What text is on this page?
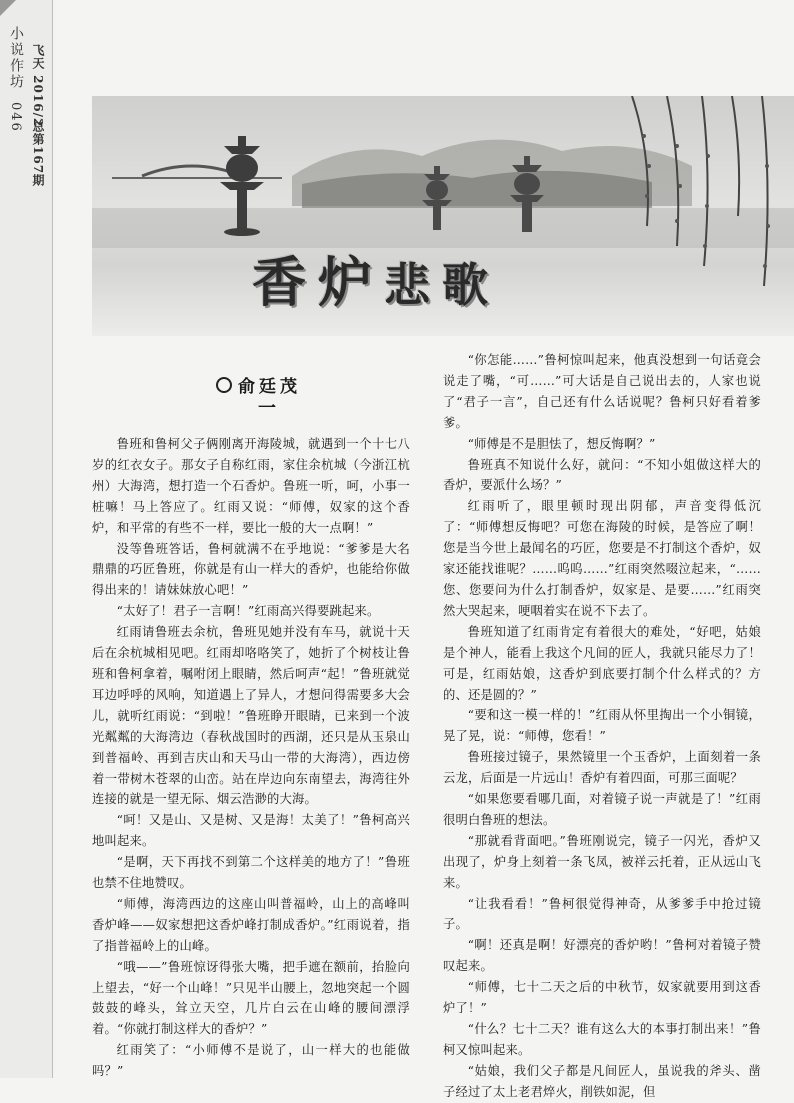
小说作坊
046 飞天 2016/2
总第167期
香炉悲歌
俞廷茂
一

鲁班和鲁柯父子俩刚离开海陵城，就遇到一个十七八岁的红衣女子。那女子自称红雨，家住余杭城（今浙江杭州）大海湾，想打造一个石香炉。鲁班一听，呵，小事一桩嘛！马上答应了。红雨又说：“师傅，奴家的这个香炉，和平常的有些不一样，要比一般的大一点啊！”

没等鲁班答话，鲁柯就满不在乎地说：“爹爹是大名鼎鼎的巧匠鲁班，你就是有山一样大的香炉，也能给你做得出来的！请妹妹放心吧！”

“太好了！君子一言啊！”红雨高兴得要跳起来。

红雨请鲁班去余杭，鲁班见她并没有车马，就说十天后在余杭城相见吧。红雨却咯咯笑了，她折了个树枝让鲁班和鲁柯拿着，嘱咐闭上眼睛，然后呵声“起！”鲁班就觉耳边呼呼的风响，知道遇上了异人，才想问得需要多大会儿，就听红雨说：“到啦！”鲁班睁开眼睛，已来到一个波光粼粼的大海湾边（春秋战国时的西湖，还只是从玉泉山到普福岭、再到吉庆山和天马山一带的大海湾），西边傍着一带树木苍翠的山峦。站在岸边向东南望去，海湾往外连接的就是一望无际、烟云浩渺的大海。

“呵！又是山、又是树、又是海！太美了！”鲁柯高兴地叫起来。

“是啊，天下再找不到第二个这样美的地方了！”鲁班也禁不住地赞叹。

“师傅，海湾西边的这座山叫普福岭，山上的高峰叫香炉峰——奴家想把这香炉峰打制成香炉。”红雨说着，指了指普福岭上的山峰。

“哦——”鲁班惊讶得张大嘴，把手遮在额前，抬脸向上望去，“好一个山峰！”只见半山腰上，忽地突起一个圆鼓鼓的峰头，耸立天空，几片白云在山峰的腰间漂浮着。“你就打制这样大的香炉？”

红雨笑了：“小师傅不是说了，山一样大的也能做吗？”

“你怎能……”鲁柯惊叫起来，他真没想到一句话竟会说走了嘴，“可……”可大话是自己说出去的，人家也说了“君子一言”，自己还有什么话说呢？鲁柯只好看着爹爹。

“师傅是不是胆怯了，想反悔啊？”

鲁班真不知说什么好，就问：“不知小姐做这样大的香炉，要派什么场？”

红雨听了，眼里顿时现出阴郁，声音变得低沉了：“师傅想反悔吧？可您在海陵的时候，是答应了啊！您是当今世上最闻名的巧匠，您要是不打制这个香炉，奴家还能找谁呢？……呜呜……”红雨突然啜泣起来，“……您、您要问为什么打制香炉，奴家是、是要……”红雨突然大哭起来，哽咽着实在说不下去了。

鲁班知道了红雨肯定有着很大的难处，“好吧，姑娘是个神人，能看上我这个凡间的匠人，我就只能尽力了！可是，红雨姑娘，这香炉到底要打制个什么样式的？方的、还是圆的？”

“要和这一模一样的！”红雨从怀里掏出一个小铜镜，晃了晃，说：“师傅，您看！”

鲁班接过镜子，果然镜里一个玉香炉，上面刻着一条云龙，后面是一片远山！香炉有着四面，可那三面呢？

“如果您要看哪几面，对着镜子说一声就是了！”红雨很明白鲁班的想法。

“那就看背面吧。”鲁班刚说完，镜子一闪光，香炉又出现了，炉身上刻着一条飞凤，被祥云托着，正从远山飞来。

“让我看看！”鲁柯很觉得神奇，从爹爹手中抢过镜子。

“啊！还真是啊！好漂亮的香炉哟！”鲁柯对着镜子赞叹起来。

“师傅，七十二天之后的中秋节，奴家就要用到这香炉了！”

“什么？七十二天？谁有这么大的本事打制出来！”鲁柯又惊叫起来。

“姑娘，我们父子都是凡间匠人，虽说我的斧头、凿子经过了太上老君焠火，削铁如泥，但
